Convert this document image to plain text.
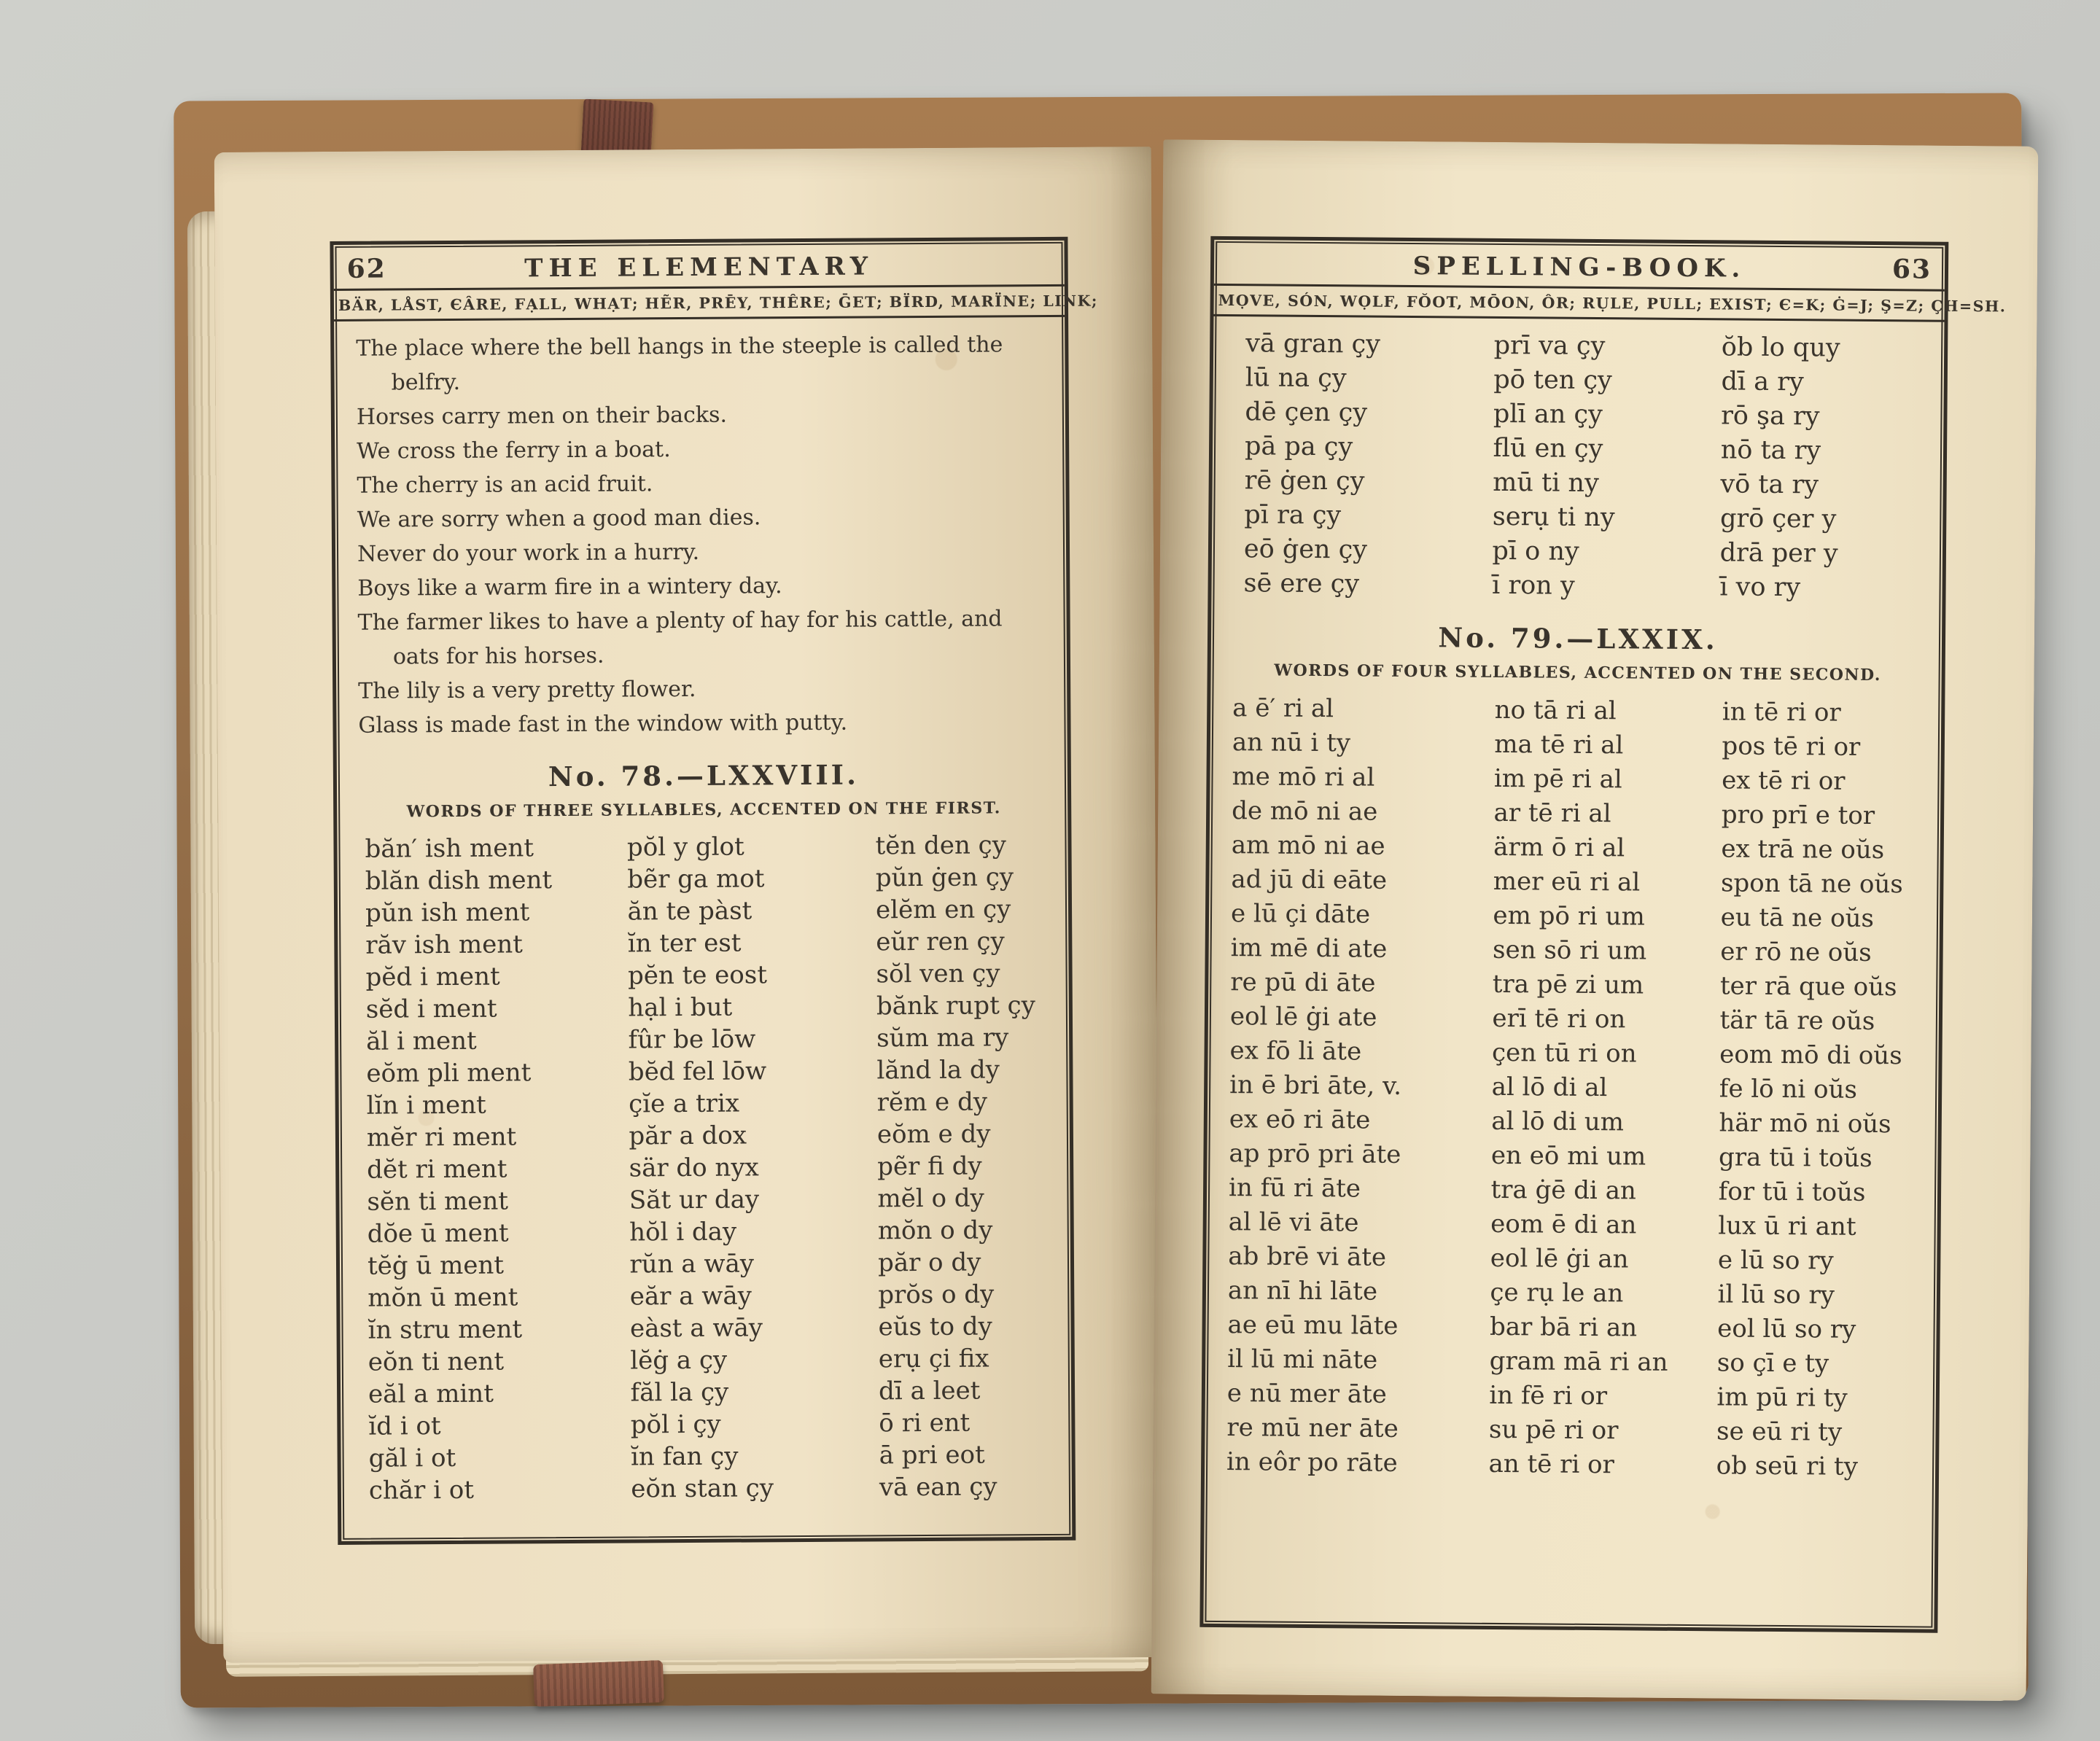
62	THE ELEMENTARY
BÄR, LÅST, ЄÂRE, FẠLL, WHẠT; HẼR, PRĒY, THÊRE; ḠET; BÏRD, MARÏNE; LINK;
The place where the bell hangs in the steeple is called the belfry.
Horses carry men on their backs.
We cross the ferry in a boat.
The cherry is an acid fruit.
We are sorry when a good man dies.
Never do your work in a hurry.
Boys like a warm fire in a wintery day.
The farmer likes to have a plenty of hay for his cattle, and oats for his horses.
The lily is a very pretty flower.
Glass is made fast in the window with putty.
No. 78.—LXXVIII.
WORDS OF THREE SYLLABLES, ACCENTED ON THE FIRST.
băn′ ish ment
blăn dish ment
pŭn ish ment
răv ish ment
pĕd i ment
sĕd i ment
ăl i ment
eŏm pli ment
lĭn i ment
mĕr ri ment
dĕt ri ment
sĕn ti ment
dŏe ū ment
tĕġ ū ment
mŏn ū ment
ĭn stru ment
eŏn ti nent
eăl a mint
ĭd i ot
găl i ot
chăr i ot
pŏl y glot
bẽr ga mot
ăn te pàst
ĭn ter est
pĕn te eost
hạl i but
fûr be lōw
bĕd fel lōw
çĭe a trix
păr a dox
sär do nyx
Săt ur day
hŏl i day
rŭn a wāy
eăr a wāy
eàst a wāy
lĕġ a çy
făl la çy
pŏl i çy
ĭn fan çy
eŏn stan çy
tĕn den çy
pŭn ġen çy
elĕm en çy
eŭr ren çy
sŏl ven çy
bănk rupt çy
sŭm ma ry
lănd la dy
rĕm e dy
eŏm e dy
pẽr fi dy
mĕl o dy
mŏn o dy
păr o dy
prŏs o dy
eŭs to dy
erụ çi fix
dī a leet
ō ri ent
ā pri eot
vā ean çy
SPELLING-BOOK.	63
MỌVE, SÓN, WỌLF, FŎOT, MŌON, ÔR; RỤLE, PULL; EXIST; Є=K; Ġ=J; Ş=Z; ÇH=SH.
vā gran çy
lū na çy
dē çen çy
pā pa çy
rē ġen çy
pī ra çy
eō ġen çy
sē ere çy
prī va çy
pō ten çy
plī an çy
flū en çy
mū ti ny
serụ ti ny
pī o ny
ī ron y
ŏb lo quy
dī a ry
rō şa ry
nō ta ry
vō ta ry
grō çer y
drā per y
ī vo ry
No. 79.—LXXIX.
WORDS OF FOUR SYLLABLES, ACCENTED ON THE SECOND.
a ē′ ri al
an nū i ty
me mō ri al
de mō ni ae
am mō ni ae
ad jū di eāte
e lū çi dāte
im mē di ate
re pū di āte
eol lē ġi ate
ex fō li āte
in ē bri āte, v.
ex eō ri āte
ap prō pri āte
in fū ri āte
al lē vi āte
ab brē vi āte
an nī hi lāte
ae eū mu lāte
il lū mi nāte
e nū mer āte
re mū ner āte
in eôr po rāte
no tā ri al
ma tē ri al
im pē ri al
ar tē ri al
ärm ō ri al
mer eū ri al
em pō ri um
sen sō ri um
tra pē zi um
erī tē ri on
çen tū ri on
al lō di al
al lō di um
en eō mi um
tra ġē di an
eom ē di an
eol lē ġi an
çe rụ le an
bar bā ri an
gram mā ri an
in fē ri or
su pē ri or
an tē ri or
in tē ri or
pos tē ri or
ex tē ri or
pro prī e tor
ex trā ne oŭs
spon tā ne oŭs
eu tā ne oŭs
er rō ne oŭs
ter rā que oŭs
tär tā re oŭs
eom mō di oŭs
fe lō ni oŭs
här mō ni oŭs
gra tū i toŭs
for tū i toŭs
lux ū ri ant
e lū so ry
il lū so ry
eol lū so ry
so çī e ty
im pū ri ty
se eū ri ty
ob seū ri ty
